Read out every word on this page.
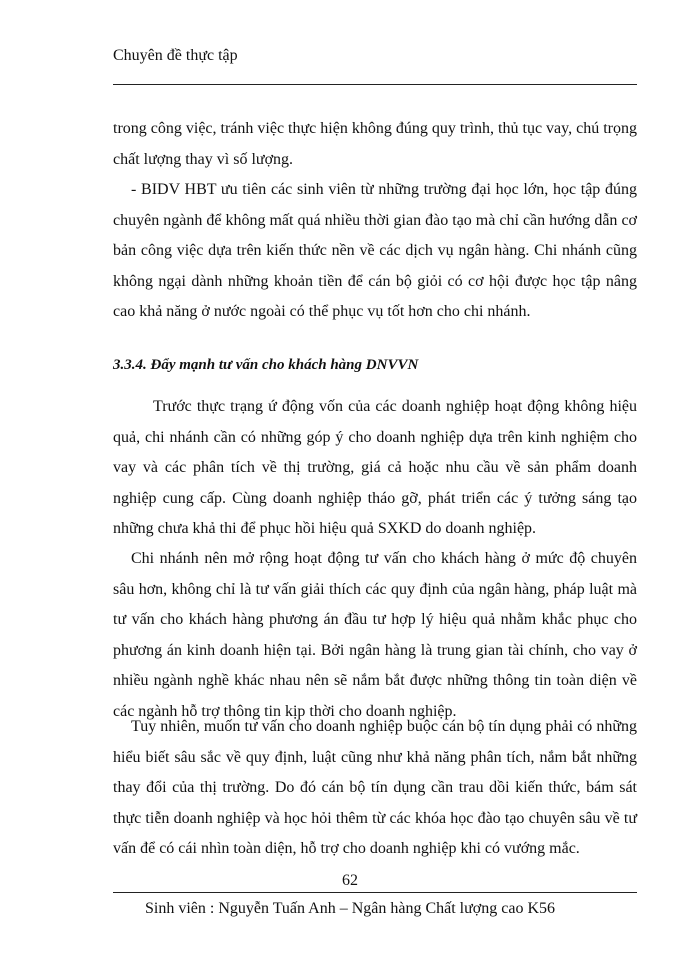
Chuyên đề thực tập

trong công việc, tránh việc thực hiện không đúng quy trình, thủ tục vay, chú trọng chất lượng thay vì số lượng.

- BIDV HBT ưu tiên các sinh viên từ những trường đại học lớn, học tập đúng chuyên ngành để không mất quá nhiều thời gian đào tạo mà chỉ cần hướng dẫn cơ bản công việc dựa trên kiến thức nền về các dịch vụ ngân hàng. Chi nhánh cũng không ngại dành những khoản tiền để cán bộ giỏi có cơ hội được học tập nâng cao khả năng ở nước ngoài có thể phục vụ tốt hơn cho chi nhánh.

3.3.4. Đẩy mạnh tư vấn cho khách hàng DNVVN

Trước thực trạng ứ động vốn của các doanh nghiệp hoạt động không hiệu quả, chi nhánh cần có những góp ý cho doanh nghiệp dựa trên kinh nghiệm cho vay và các phân tích về thị trường, giá cả hoặc nhu cầu về sản phẩm doanh nghiệp cung cấp. Cùng doanh nghiệp tháo gỡ, phát triển các ý tưởng sáng tạo những chưa khả thi để phục hồi hiệu quả SXKD do doanh nghiệp.

Chi nhánh nên mở rộng hoạt động tư vấn cho khách hàng ở mức độ chuyên sâu hơn, không chỉ là tư vấn giải thích các quy định của ngân hàng, pháp luật mà tư vấn cho khách hàng phương án đầu tư hợp lý hiệu quả nhằm khắc phục cho phương án kinh doanh hiện tại. Bởi ngân hàng là trung gian tài chính, cho vay ở nhiều ngành nghề khác nhau nên sẽ nắm bắt được những thông tin toàn diện về các ngành hỗ trợ thông tin kịp thời cho doanh nghiệp.

Tuy nhiên, muốn tư vấn cho doanh nghiệp buộc cán bộ tín dụng phải có những hiểu biết sâu sắc về quy định, luật cũng như khả năng phân tích, nắm bắt những thay đổi của thị trường. Do đó cán bộ tín dụng cần trau dồi kiến thức, bám sát thực tiễn doanh nghiệp và học hỏi thêm từ các khóa học đào tạo chuyên sâu về tư vấn để có cái nhìn toàn diện, hỗ trợ cho doanh nghiệp khi có vướng mắc.

62
Sinh viên : Nguyễn Tuấn Anh – Ngân hàng Chất lượng cao K56
